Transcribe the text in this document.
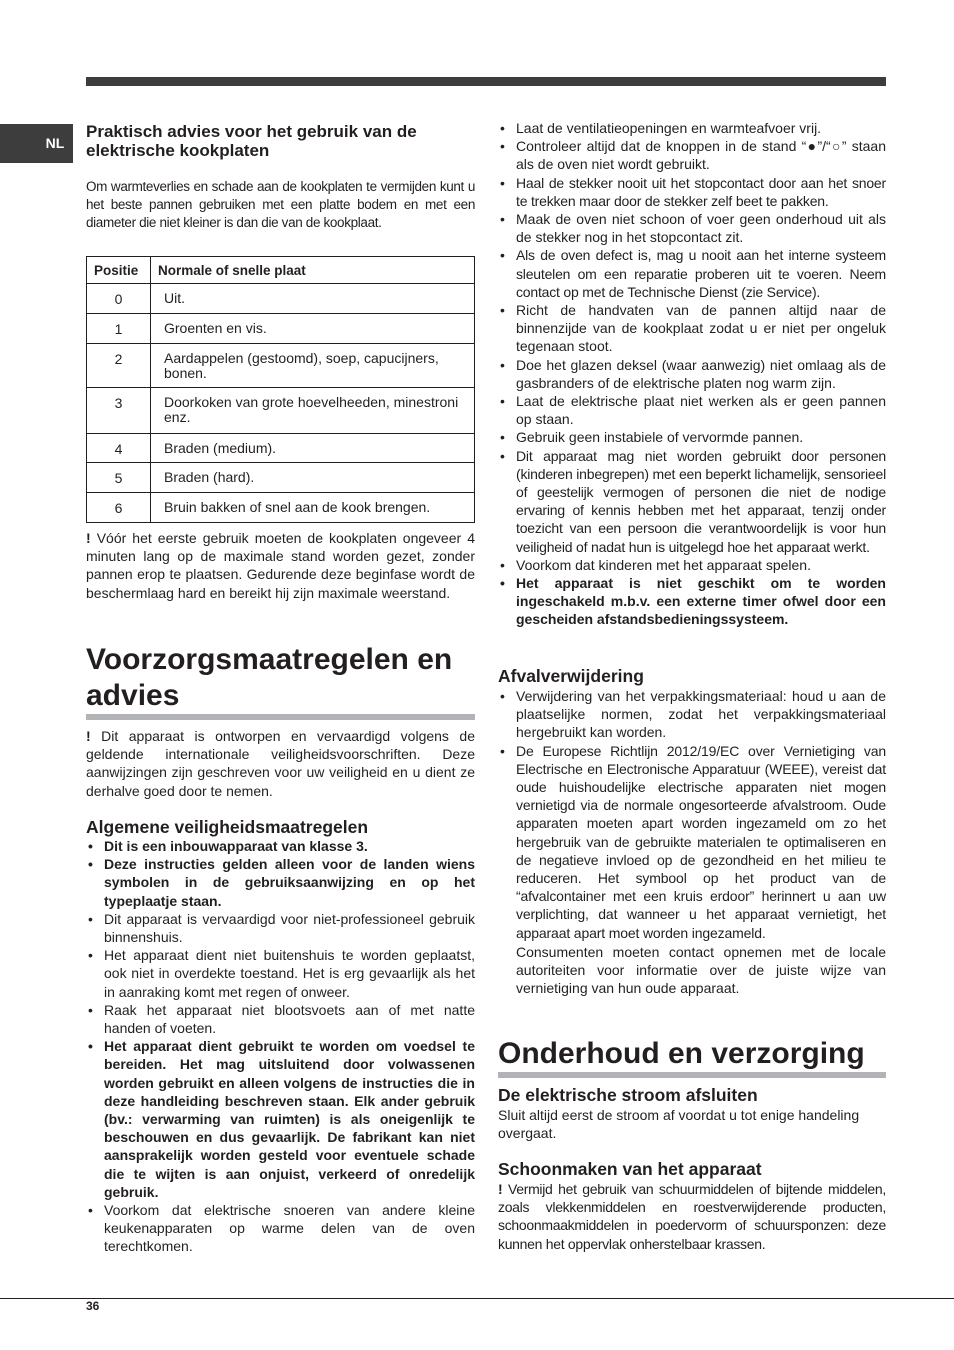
NL
Praktisch advies voor het gebruik van de elektrische kookplaten

Om warmteverlies en schade aan de kookplaten te vermijden kunt u het beste pannen gebruiken met een platte bodem en met een diameter die niet kleiner is dan die van de kookplaat.

Positie	Normale of snelle plaat
0	Uit.
1	Groenten en vis.
2	Aardappelen (gestoomd), soep, capucijners, bonen.
3	Doorkoken van grote hoevelheeden, minestroni enz.
4	Braden (medium).
5	Braden (hard).
6	Bruin bakken of snel aan de kook brengen.

! Vóór het eerste gebruik moeten de kookplaten ongeveer 4 minuten lang op de maximale stand worden gezet, zonder pannen erop te plaatsen. Gedurende deze beginfase wordt de beschermlaag hard en bereikt hij zijn maximale weerstand.

Voorzorgsmaatregelen en advies

! Dit apparaat is ontworpen en vervaardigd volgens de geldende internationale veiligheidsvoorschriften. Deze aanwijzingen zijn geschreven voor uw veiligheid en u dient ze derhalve goed door te nemen.

Algemene veiligheidsmaatregelen
• Dit is een inbouwapparaat van klasse 3.
• Deze instructies gelden alleen voor de landen wiens symbolen in de gebruiksaanwijzing en op het typeplaatje staan.
• Dit apparaat is vervaardigd voor niet-professioneel gebruik binnenshuis.
• Het apparaat dient niet buitenshuis te worden geplaatst, ook niet in overdekte toestand. Het is erg gevaarlijk als het in aanraking komt met regen of onweer.
• Raak het apparaat niet blootsvoets aan of met natte handen of voeten.
• Het apparaat dient gebruikt te worden om voedsel te bereiden. Het mag uitsluitend door volwassenen worden gebruikt en alleen volgens de instructies die in deze handleiding beschreven staan. Elk ander gebruik (bv.: verwarming van ruimten) is als oneigenlijk te beschouwen en dus gevaarlijk. De fabrikant kan niet aansprakelijk worden gesteld voor eventuele schade die te wijten is aan onjuist, verkeerd of onredelijk gebruik.
• Voorkom dat elektrische snoeren van andere kleine keukenapparaten op warme delen van de oven terechtkomen.
• Laat de ventilatieopeningen en warmteafvoer vrij.
• Controleer altijd dat de knoppen in de stand “●”/“○” staan als de oven niet wordt gebruikt.
• Haal de stekker nooit uit het stopcontact door aan het snoer te trekken maar door de stekker zelf beet te pakken.
• Maak de oven niet schoon of voer geen onderhoud uit als de stekker nog in het stopcontact zit.
• Als de oven defect is, mag u nooit aan het interne systeem sleutelen om een reparatie proberen uit te voeren. Neem contact op met de Technische Dienst (zie Service).
• Richt de handvaten van de pannen altijd naar de binnenzijde van de kookplaat zodat u er niet per ongeluk tegenaan stoot.
• Doe het glazen deksel (waar aanwezig) niet omlaag als de gasbranders of de elektrische platen nog warm zijn.
• Laat de elektrische plaat niet werken als er geen pannen op staan.
• Gebruik geen instabiele of vervormde pannen.
• Dit apparaat mag niet worden gebruikt door personen (kinderen inbegrepen) met een beperkt lichamelijk, sensorieel of geestelijk vermogen of personen die niet de nodige ervaring of kennis hebben met het apparaat, tenzij onder toezicht van een persoon die verantwoordelijk is voor hun veiligheid of nadat hun is uitgelegd hoe het apparaat werkt.
• Voorkom dat kinderen met het apparaat spelen.
• Het apparaat is niet geschikt om te worden ingeschakeld m.b.v. een externe timer ofwel door een gescheiden afstandsbedieningssysteem.
Afvalverwijdering
• Verwijdering van het verpakkingsmateriaal: houd u aan de plaatselijke normen, zodat het verpakkingsmateriaal hergebruikt kan worden.
• De Europese Richtlijn 2012/19/EC over Vernietiging van Electrische en Electronische Apparatuur (WEEE), vereist dat oude huishoudelijke electrische apparaten niet mogen vernietigd via de normale ongesorteerde afvalstroom. Oude apparaten moeten apart worden ingezameld om zo het hergebruik van de gebruikte materialen te optimaliseren en de negatieve invloed op de gezondheid en het milieu te reduceren. Het symbool op het product van de “afvalcontainer met een kruis erdoor” herinnert u aan uw verplichting, dat wanneer u het apparaat vernietigt, het apparaat apart moet worden ingezameld.

Consumenten moeten contact opnemen met de locale autoriteiten voor informatie over de juiste wijze van vernietiging van hun oude apparaat.

Onderhoud en verzorging
De elektrische stroom afsluiten

Sluit altijd eerst de stroom af voordat u tot enige handeling overgaat.

Schoonmaken van het apparaat

! Vermijd het gebruik van schuurmiddelen of bijtende middelen, zoals vlekkenmiddelen en roestverwijderende producten, schoonmaakmiddelen in poedervorm of schuursponzen: deze kunnen het oppervlak onherstelbaar krassen.

36
